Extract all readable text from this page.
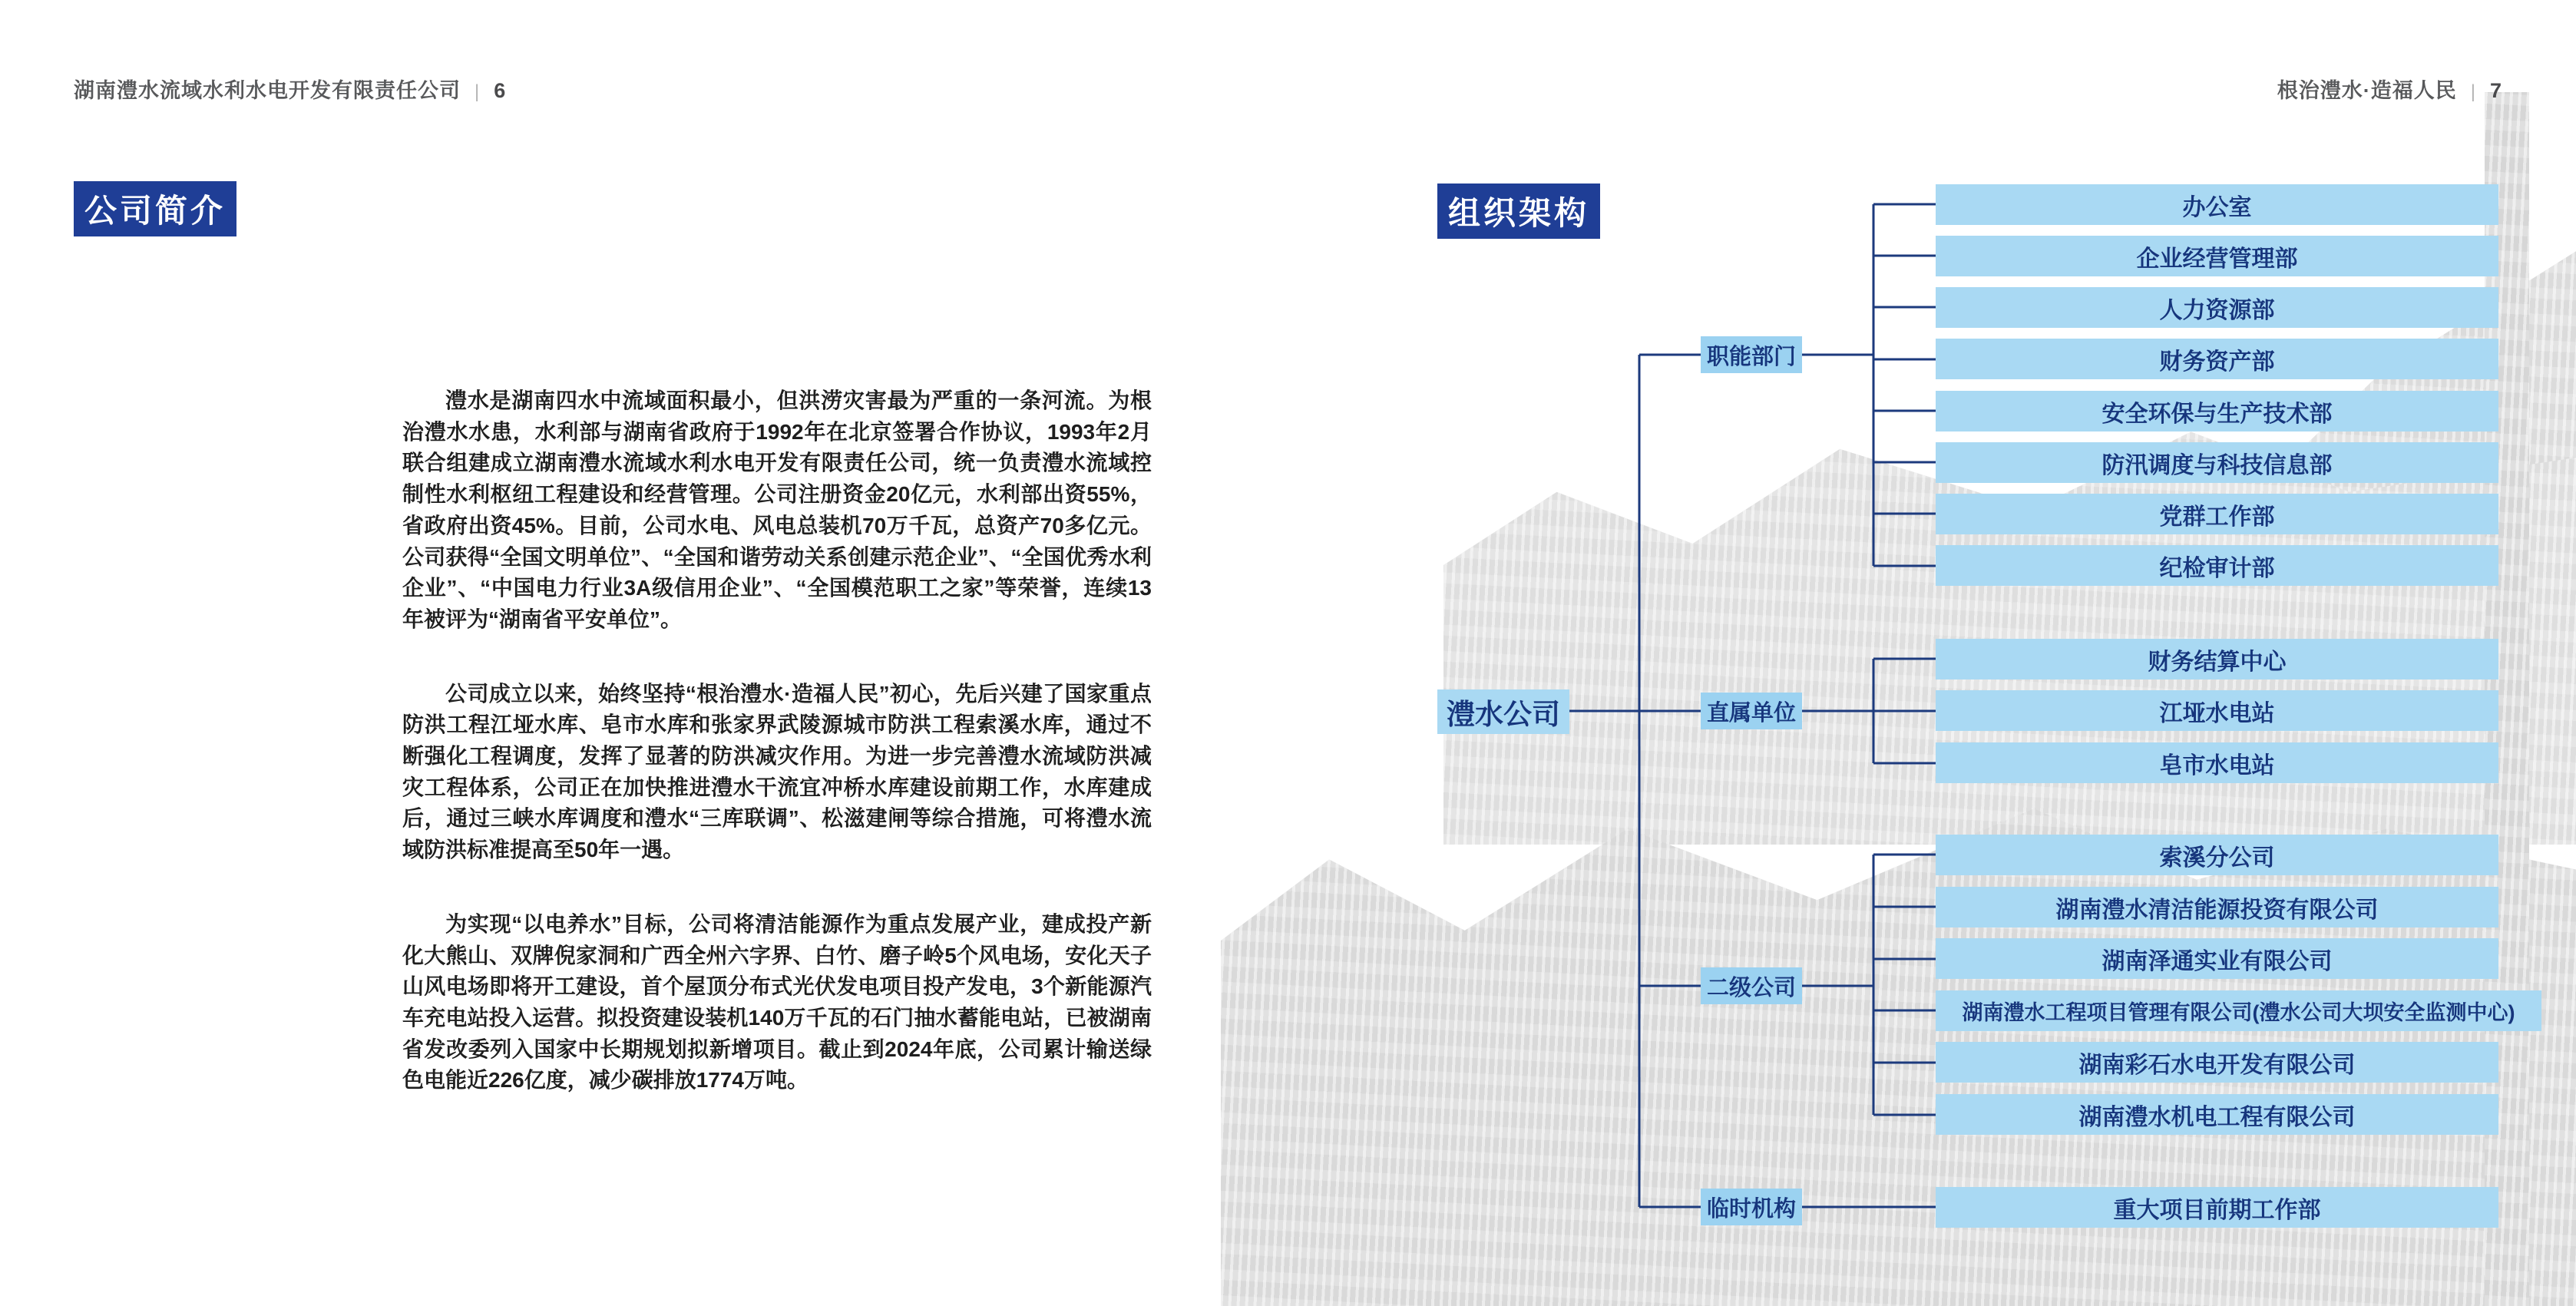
湖南澧水流域水利水电开发有限责任公司 | 6	根治澧水·造福人民 | 7
公司简介	组织架构

澧水是湖南四水中流域面积最小，但洪涝灾害最为严重的一条河流。为根治澧水水患，水利部与湖南省政府于1992年在北京签署合作协议，1993年2月联合组建成立湖南澧水流域水利水电开发有限责任公司，统一负责澧水流域控制性水利枢纽工程建设和经营管理。公司注册资金20亿元，水利部出资55%，省政府出资45%。目前，公司水电、风电总装机70万千瓦，总资产70多亿元。公司获得“全国文明单位”、“全国和谐劳动关系创建示范企业”、“全国优秀水利企业”、“中国电力行业3A级信用企业”、“全国模范职工之家”等荣誉，连续13年被评为“湖南省平安单位”。

公司成立以来，始终坚持“根治澧水·造福人民”初心，先后兴建了国家重点防洪工程江垭水库、皂市水库和张家界武陵源城市防洪工程索溪水库，通过不断强化工程调度，发挥了显著的防洪减灾作用。为进一步完善澧水流域防洪减灾工程体系，公司正在加快推进澧水干流宜冲桥水库建设前期工作，水库建成后，通过三峡水库调度和澧水“三库联调”、松滋建闸等综合措施，可将澧水流域防洪标准提高至50年一遇。

为实现“以电养水”目标，公司将清洁能源作为重点发展产业，建成投产新化大熊山、双牌倪家洞和广西全州六字界、白竹、磨子岭5个风电场，安化天子山风电场即将开工建设，首个屋顶分布式光伏发电项目投产发电，3个新能源汽车充电站投入运营。拟投资建设装机140万千瓦的石门抽水蓄能电站，已被湖南省发改委列入国家中长期规划拟新增项目。截止到2024年底，公司累计输送绿色电能近226亿度，减少碳排放1774万吨。

澧水公司
职能部门
直属单位
二级公司
临时机构
办公室
企业经营管理部
人力资源部
财务资产部
安全环保与生产技术部
防汛调度与科技信息部
党群工作部
纪检审计部
财务结算中心
江垭水电站
皂市水电站
索溪分公司
湖南澧水清洁能源投资有限公司
湖南泽通实业有限公司
湖南澧水工程项目管理有限公司(澧水公司大坝安全监测中心)
湖南彩石水电开发有限公司
湖南澧水机电工程有限公司
重大项目前期工作部
